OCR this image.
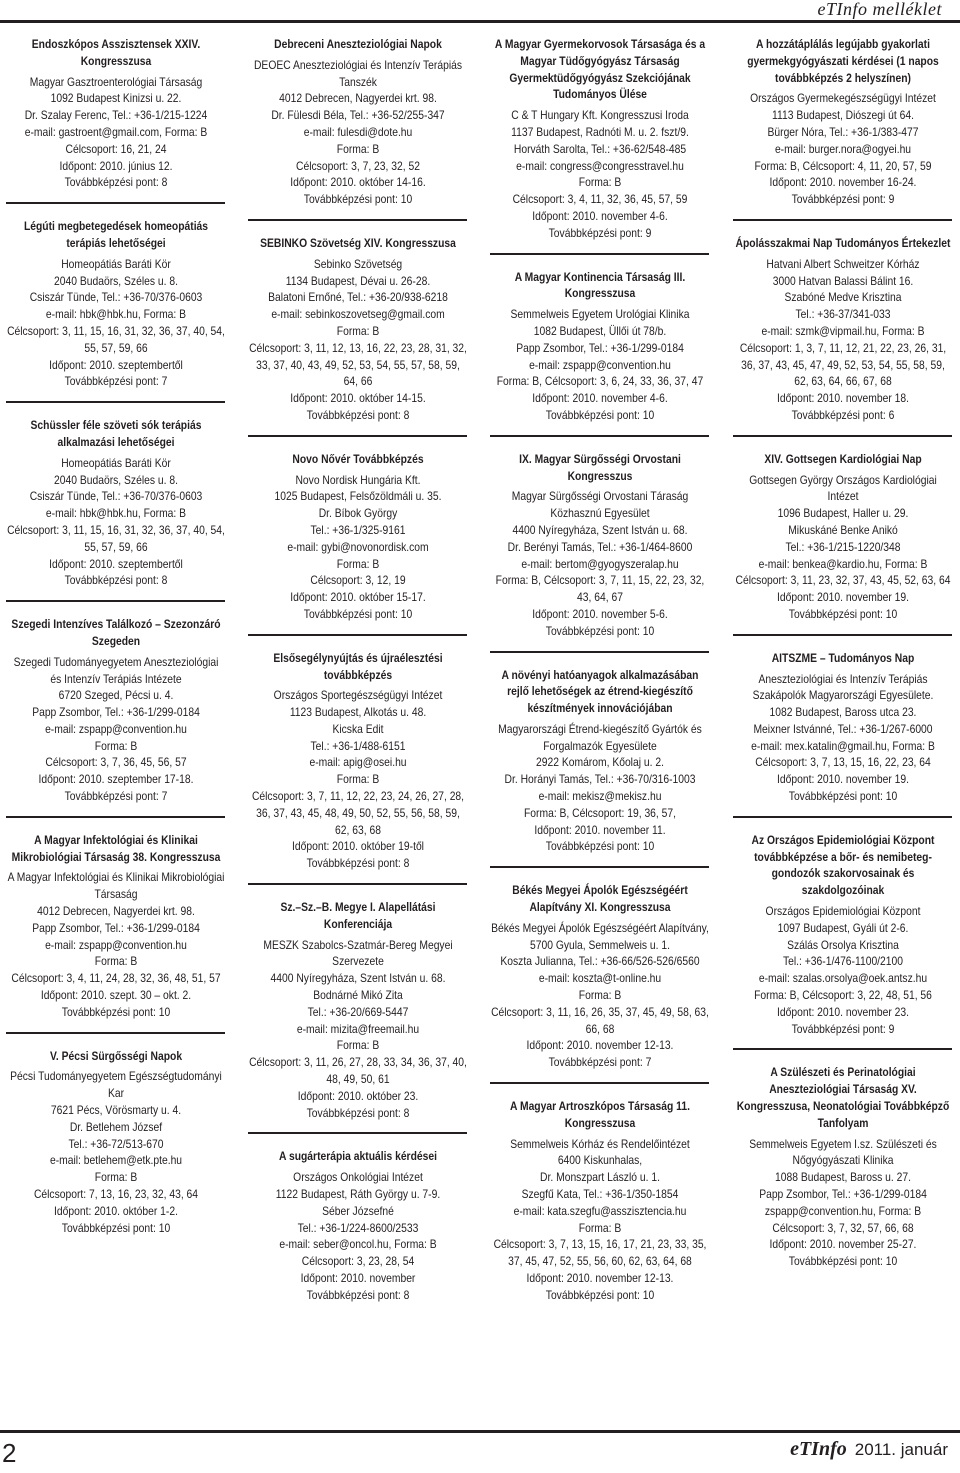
eTInfo melléklet
Endoszkópos Asszisztensek XXIV. Kongresszusa
Magyar Gasztroenterológiai Társaság
1092 Budapest Kinizsi u. 22.
Dr. Szalay Ferenc, Tel.: +36-1/215-1224
e-mail: gastroent@gmail.com, Forma: B
Célcsoport: 16, 21, 24
Időpont: 2010. június 12.
Továbbképzési pont: 8
Légúti megbetegedések homeopátiás terápiás lehetőségei
Homeopátiás Baráti Kör
2040 Budaörs, Széles u. 8.
Csiszár Tünde, Tel.: +36-70/376-0603
e-mail: hbk@hbk.hu, Forma: B
Célcsoport: 3, 11, 15, 16, 31, 32, 36, 37, 40, 54, 55, 57, 59, 66
Időpont: 2010. szeptembertől
Továbbképzési pont: 7
Schüssler féle szöveti sók terápiás alkalmazási lehetőségei
Homeopátiás Baráti Kör
2040 Budaörs, Széles u. 8.
Csiszár Tünde, Tel.: +36-70/376-0603
e-mail: hbk@hbk.hu, Forma: B
Célcsoport: 3, 11, 15, 16, 31, 32, 36, 37, 40, 54, 55, 57, 59, 66
Időpont: 2010. szeptembertől
Továbbképzési pont: 8
Szegedi Intenzíves Találkozó – Szezonzáró Szegeden
Szegedi Tudományegyetem Aneszteziológiai és Intenzív Terápiás Intézete
6720 Szeged, Pécsi u. 4.
Papp Zsombor, Tel.: +36-1/299-0184
e-mail: zspapp@convention.hu
Forma: B
Célcsoport: 3, 7, 36, 45, 56, 57
Időpont: 2010. szeptember 17-18.
Továbbképzési pont: 7
A Magyar Infektológiai és Klinikai Mikrobiológiai Társaság 38. Kongresszusa
A Magyar Infektológiai és Klinikai Mikrobiológiai Társaság
4012 Debrecen, Nagyerdei krt. 98.
Papp Zsombor, Tel.: +36-1/299-0184
e-mail: zspapp@convention.hu
Forma: B
Célcsoport: 3, 4, 11, 24, 28, 32, 36, 48, 51, 57
Időpont: 2010. szept. 30 – okt. 2.
Továbbképzési pont: 10
V. Pécsi Sürgősségi Napok
Pécsi Tudományegyetem Egészségtudományi Kar
7621 Pécs, Vörösmarty u. 4.
Dr. Betlehem József
Tel.: +36-72/513-670
e-mail: betlehem@etk.pte.hu
Forma: B
Célcsoport: 7, 13, 16, 23, 32, 43, 64
Időpont: 2010. október 1-2.
Továbbképzési pont: 10
Debreceni Aneszteziológiai Napok
DEOEC Aneszteziológiai és Intenzív Terápiás Tanszék
4012 Debrecen, Nagyerdei krt. 98.
Dr. Fülesdi Béla, Tel.: +36-52/255-347
e-mail: fulesdi@dote.hu
Forma: B
Célcsoport: 3, 7, 23, 32, 52
Időpont: 2010. október 14-16.
Továbbképzési pont: 10
SEBINKO Szövetség XIV. Kongresszusa
Sebinko Szövetség
1134 Budapest, Dévai u. 26-28.
Balatoni Ernőné, Tel.: +36-20/938-6218
e-mail: sebinkoszovetseg@gmail.com
Forma: B
Célcsoport: 3, 11, 12, 13, 16, 22, 23, 28, 31, 32, 33, 37, 40, 43, 49, 52, 53, 54, 55, 57, 58, 59, 64, 66
Időpont: 2010. október 14-15.
Továbbképzési pont: 8
Novo Nővér Továbbképzés
Novo Nordisk Hungária Kft.
1025 Budapest, Felsőzöldmáli u. 35.
Dr. Bíbok György
Tel.: +36-1/325-9161
e-mail: gybi@novonordisk.com
Forma: B
Célcsoport: 3, 12, 19
Időpont: 2010. október 15-17.
Továbbképzési pont: 10
Elsősegélynyújtás és újraélesztési továbbképzés
Országos Sportegészségügyi Intézet
1123 Budapest, Alkotás u. 48.
Kicska Edit
Tel.: +36-1/488-6151
e-mail: apig@osei.hu
Forma: B
Célcsoport: 3, 7, 11, 12, 22, 23, 24, 26, 27, 28, 36, 37, 43, 45, 48, 49, 50, 52, 55, 56, 58, 59, 62, 63, 68
Időpont: 2010. október 19-től
Továbbképzési pont: 8
Sz.–Sz.–B. Megye I. Alapellátási Konferenciája
MESZK Szabolcs-Szatmár-Bereg Megyei Szervezete
4400 Nyíregyháza, Szent István u. 68.
Bodnárné Mikó Zita
Tel.: +36-20/669-5447
e-mail: mizita@freemail.hu
Forma: B
Célcsoport: 3, 11, 26, 27, 28, 33, 34, 36, 37, 40, 48, 49, 50, 61
Időpont: 2010. október 23.
Továbbképzési pont: 8
A sugárterápia aktuális kérdései
Országos Onkológiai Intézet
1122 Budapest, Ráth György u. 7-9.
Séber Józsefné
Tel.: +36-1/224-8600/2533
e-mail: seber@oncol.hu, Forma: B
Célcsoport: 3, 23, 28, 54
Időpont: 2010. november
Továbbképzési pont: 8
A Magyar Gyermekorvosok Társasága és a Magyar Tüdőgyógyász Társaság Gyermektüdőgyógyász Szekciójának Tudományos Ülése
C & T Hungary Kft. Kongresszusi Iroda
1137 Budapest, Radnóti M. u. 2. fszt/9.
Horváth Sarolta, Tel.: +36-62/548-485
e-mail: congress@congresstravel.hu
Forma: B
Célcsoport: 3, 4, 11, 32, 36, 45, 57, 59
Időpont: 2010. november 4-6.
Továbbképzési pont: 9
A Magyar Kontinencia Társaság III. Kongresszusa
Semmelweis Egyetem Urológiai Klinika
1082 Budapest, Üllői út 78/b.
Papp Zsombor, Tel.: +36-1/299-0184
e-mail: zspapp@convention.hu
Forma: B, Célcsoport: 3, 6, 24, 33, 36, 37, 47
Időpont: 2010. november 4-6.
Továbbképzési pont: 10
IX. Magyar Sürgősségi Orvostani Kongresszus
Magyar Sürgősségi Orvostani Táraság Közhasznú Egyesület
4400 Nyíregyháza, Szent István u. 68.
Dr. Berényi Tamás, Tel.: +36-1/464-8600
e-mail: bertom@gyogyszeralap.hu
Forma: B, Célcsoport: 3, 7, 11, 15, 22, 23, 32, 43, 64, 67
Időpont: 2010. november 5-6.
Továbbképzési pont: 10
A növényi hatóanyagok alkalmazásában rejlő lehetőségek az étrend-kiegészítő készítmények innovációjában
Magyarországi Étrend-kiegészítő Gyártók és Forgalmazók Egyesülete
2922 Komárom, Kőolaj u. 2.
Dr. Horányi Tamás, Tel.: +36-70/316-1003
e-mail: mekisz@mekisz.hu
Forma: B, Célcsoport: 19, 36, 57,
Időpont: 2010. november 11.
Továbbképzési pont: 10
Békés Megyei Ápolók Egészségéért Alapítvány XI. Kongresszusa
Békés Megyei Ápolók Egészségéért Alapítvány, 5700 Gyula, Semmelweis u. 1.
Koszta Julianna, Tel.: +36-66/526-526/6560
e-mail: koszta@t-online.hu
Forma: B
Célcsoport: 3, 11, 16, 26, 35, 37, 45, 49, 58, 63, 66, 68
Időpont: 2010. november 12-13.
Továbbképzési pont: 7
A Magyar Artroszkópos Társaság 11. Kongresszusa
Semmelweis Kórház és Rendelőintézet
6400 Kiskunhalas,
Dr. Monszpart László u. 1.
Szegfű Kata, Tel.: +36-1/350-1854
e-mail: kata.szegfu@asszisztencia.hu
Forma: B
Célcsoport: 3, 7, 13, 15, 16, 17, 21, 23, 33, 35, 37, 45, 47, 52, 55, 56, 60, 62, 63, 64, 68
Időpont: 2010. november 12-13.
Továbbképzési pont: 10
A hozzátáplálás legújabb gyakorlati gyermekgyógyászati kérdései (1 napos továbbképzés 2 helyszínen)
Országos Gyermekegészségügyi Intézet
1113 Budapest, Diószegi út 64.
Bürger Nóra, Tel.: +36-1/383-477
e-mail: burger.nora@ogyei.hu
Forma: B, Célcsoport: 4, 11, 20, 57, 59
Időpont: 2010. november 16-24.
Továbbképzési pont: 9
Ápolásszakmai Nap Tudományos Értekezlet
Hatvani Albert Schweitzer Kórház
3000 Hatvan Balassi Bálint 16.
Szabóné Medve Krisztina
Tel.: +36-37/341-033
e-mail: szmk@vipmail.hu, Forma: B
Célcsoport: 1, 3, 7, 11, 12, 21, 22, 23, 26, 31, 36, 37, 43, 45, 47, 49, 52, 53, 54, 55, 58, 59, 62, 63, 64, 66, 67, 68
Időpont: 2010. november 18.
Továbbképzési pont: 6
XIV. Gottsegen Kardiológiai Nap
Gottsegen György Országos Kardiológiai Intézet
1096 Budapest, Haller u. 29.
Mikuskáné Benke Anikó
Tel.: +36-1/215-1220/348
e-mail: benkea@kardio.hu, Forma: B
Célcsoport: 3, 11, 23, 32, 37, 43, 45, 52, 63, 64
Időpont: 2010. november 19.
Továbbképzési pont: 10
AITSZME – Tudományos Nap
Aneszteziológiai és Intenzív Terápiás Szakápolók Magyarországi Egyesülete.
1082 Budapest, Baross utca 23.
Meixner Istvánné, Tel.: +36-1/267-6000
e-mail: mex.katalin@gmail.hu, Forma: B
Célcsoport: 3, 7, 13, 15, 16, 22, 23, 64
Időpont: 2010. november 19.
Továbbképzési pont: 10
Az Országos Epidemiológiai Központ továbbképzése a bőr- és nemibeteg-gondozók szakorvosainak és szakdolgozóinak
Országos Epidemiológiai Központ
1097 Budapest, Gyáli út 2-6.
Szálás Orsolya Krisztina
Tel.: +36-1/476-1100/2100
e-mail: szalas.orsolya@oek.antsz.hu
Forma: B, Célcsoport: 3, 22, 48, 51, 56
Időpont: 2010. november 23.
Továbbképzési pont: 9
A Szülészeti és Perinatológiai Aneszteziológiai Társaság XV. Kongresszusa, Neonatológiai Továbbképző Tanfolyam
Semmelweis Egyetem I.sz. Szülészeti és Nőgyógyászati Klinika
1088 Budapest, Baross u. 27.
Papp Zsombor, Tel.: +36-1/299-0184
zspapp@convention.hu, Forma: B
Célcsoport: 3, 7, 32, 57, 66, 68
Időpont: 2010. november 25-27.
Továbbképzési pont: 10
2	eTInfo 2011. január
